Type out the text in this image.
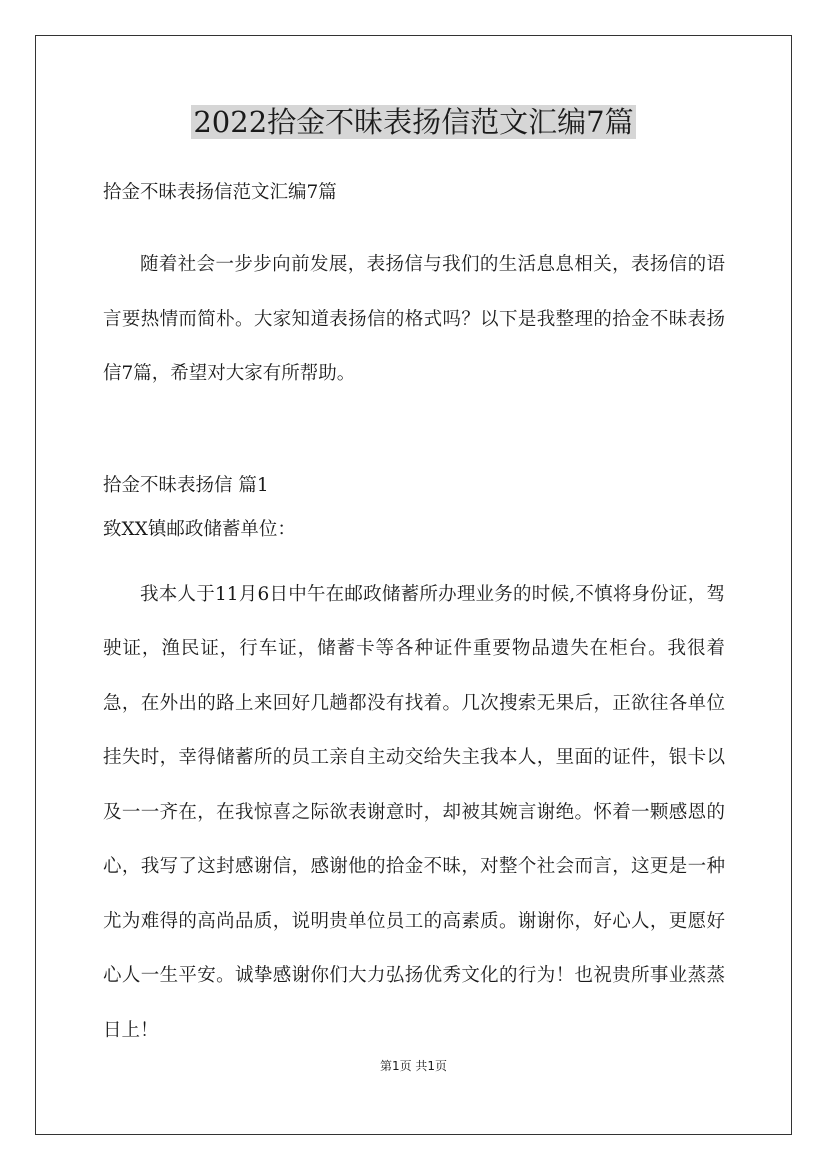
2022拾金不昧表扬信范文汇编7篇
拾金不昧表扬信范文汇编7篇

随着社会一步步向前发展，表扬信与我们的生活息息相关，表扬信的语言要热情而简朴。大家知道表扬信的格式吗？以下是我整理的拾金不昧表扬信7篇，希望对大家有所帮助。

拾金不昧表扬信 篇1
致XX镇邮政储蓄单位：

我本人于11月6日中午在邮政储蓄所办理业务的时候,不慎将身份证，驾驶证，渔民证，行车证，储蓄卡等各种证件重要物品遗失在柜台。我很着急，在外出的路上来回好几趟都没有找着。几次搜索无果后，正欲往各单位挂失时，幸得储蓄所的员工亲自主动交给失主我本人，里面的证件，银卡以及一一齐在，在我惊喜之际欲表谢意时，却被其婉言谢绝。怀着一颗感恩的心，我写了这封感谢信，感谢他的拾金不昧，对整个社会而言，这更是一种尤为难得的高尚品质，说明贵单位员工的高素质。谢谢你，好心人，更愿好心人一生平安。诚挚感谢你们大力弘扬优秀文化的行为！也祝贵所事业蒸蒸日上！

第1页 共1页
